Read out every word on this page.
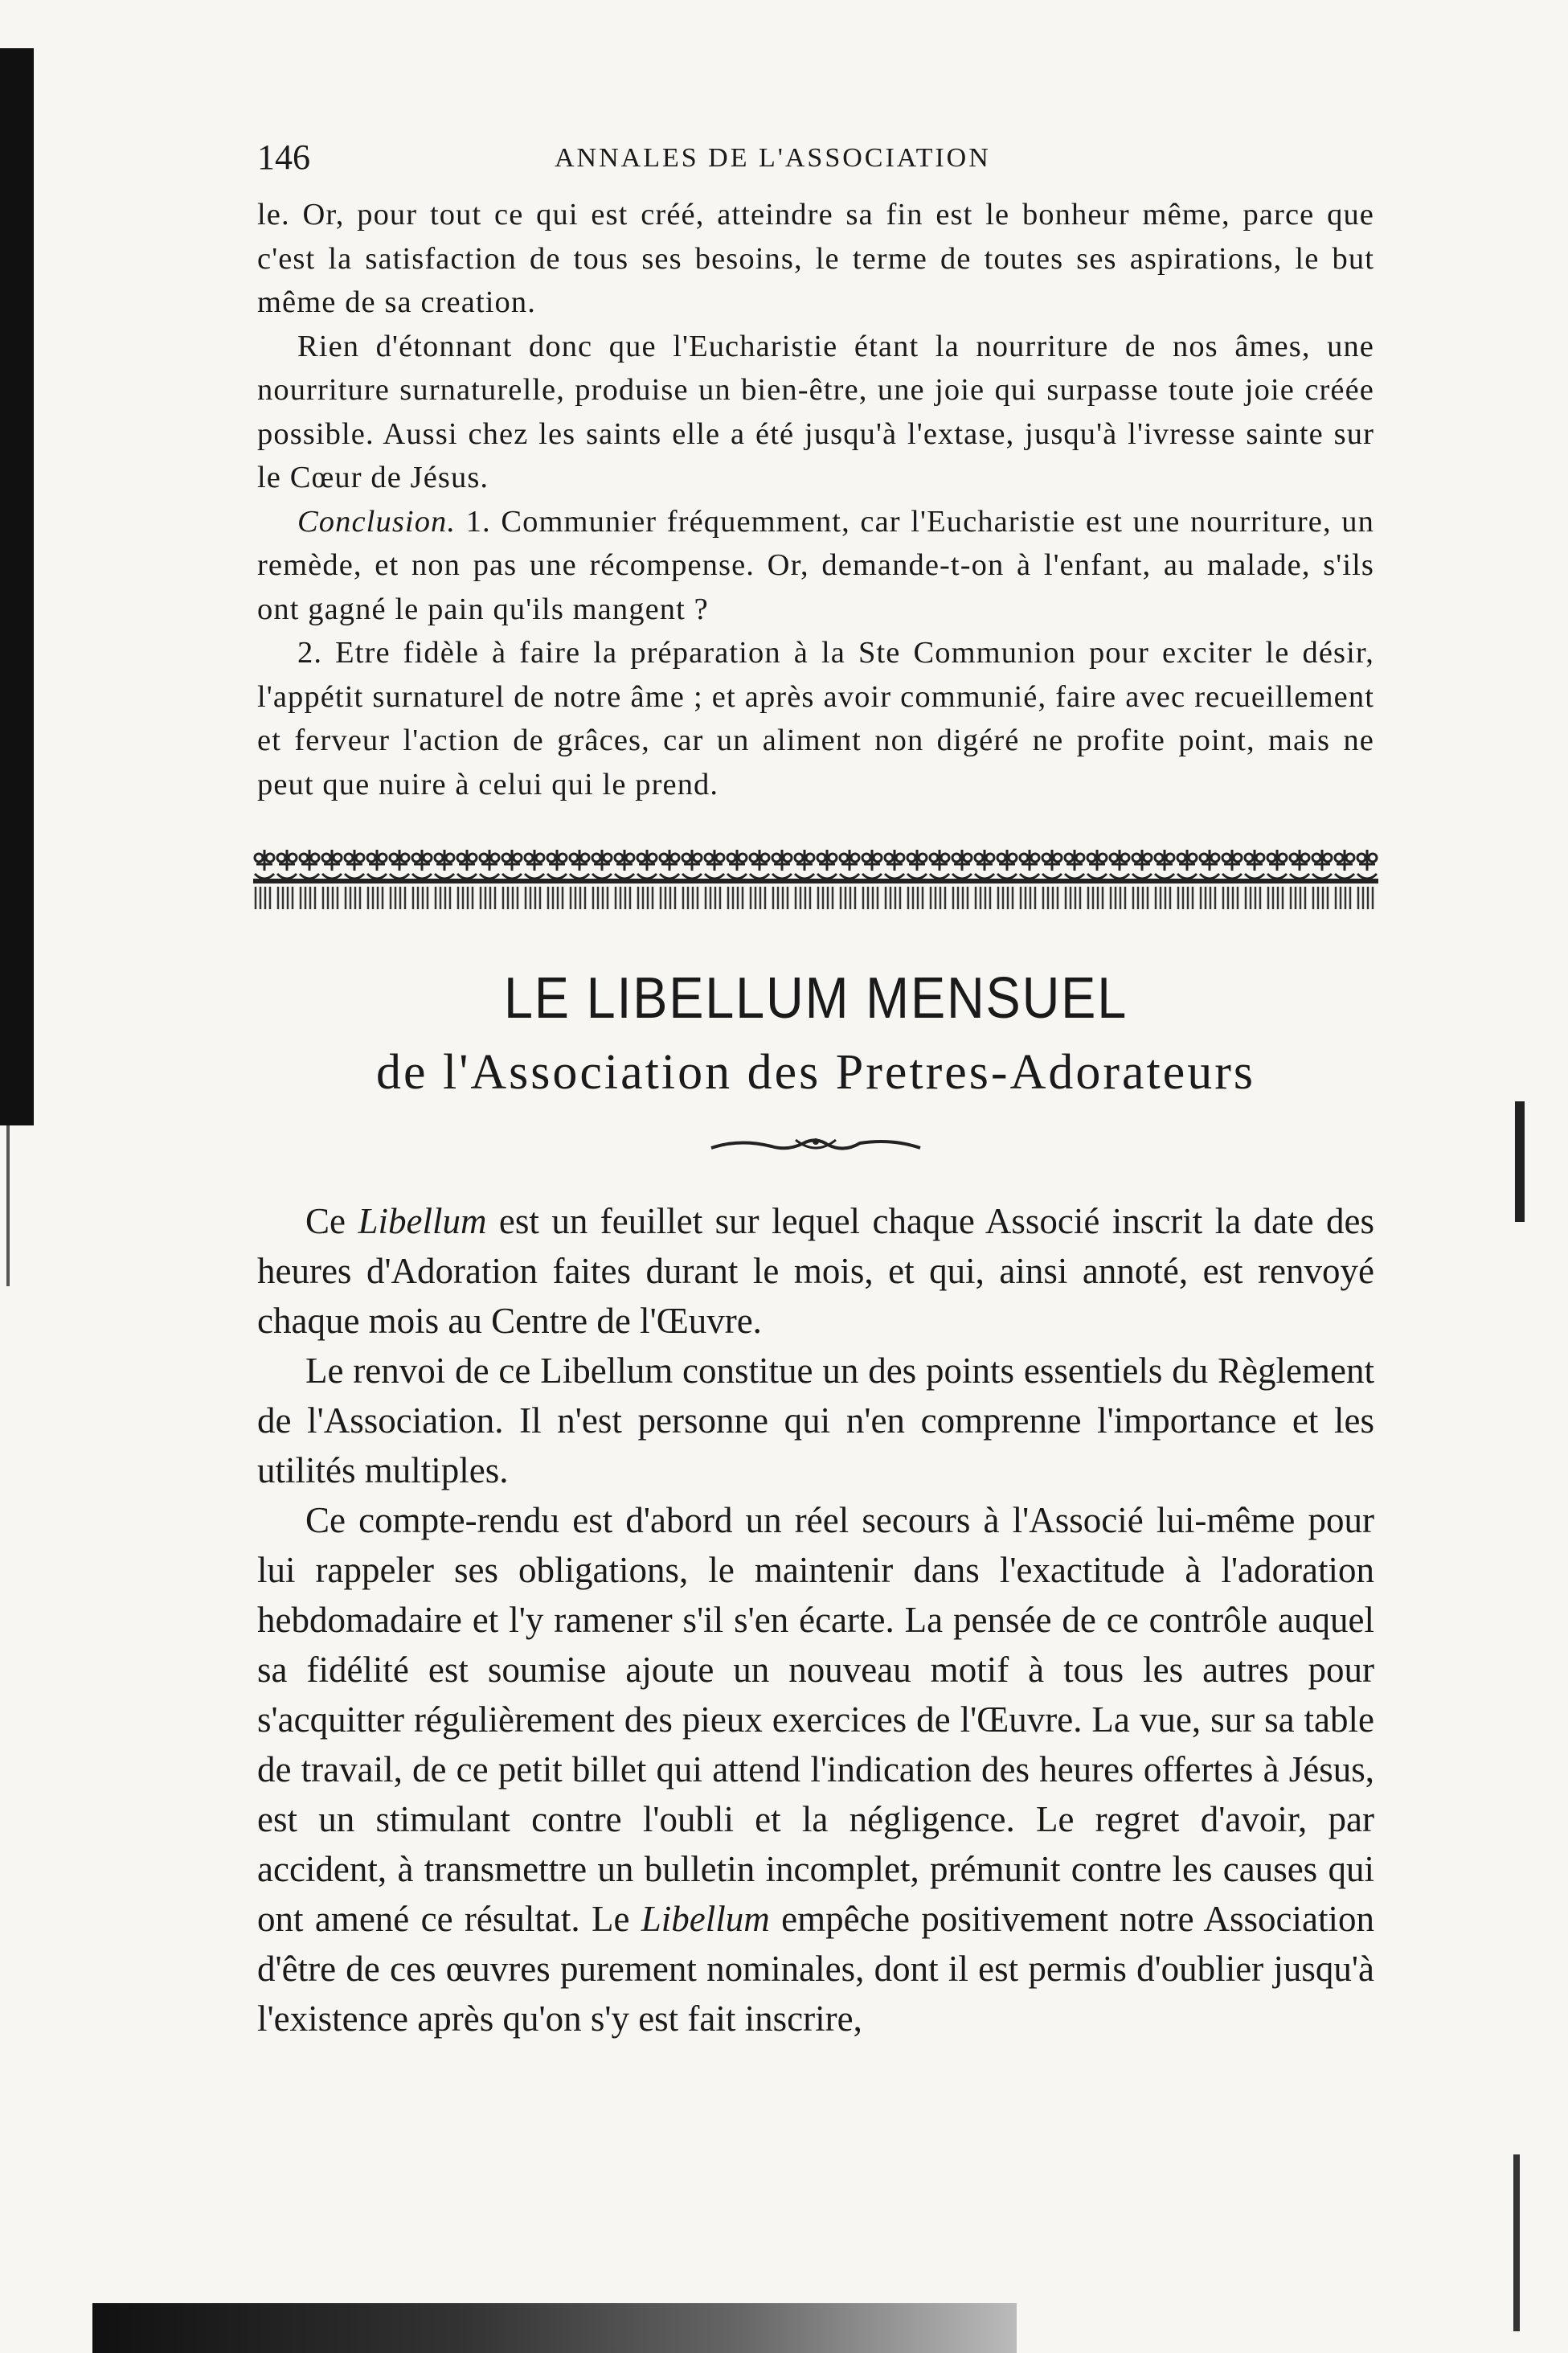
146	ANNALES DE L'ASSOCIATION

le. Or, pour tout ce qui est créé, atteindre sa fin est le bonheur même, parce que c'est la satisfaction de tous ses besoins, le terme de toutes ses aspirations, le but même de sa creation.

Rien d'étonnant donc que l'Eucharistie étant la nourriture de nos âmes, une nourriture surnaturelle, produise un bien-être, une joie qui surpasse toute joie créée possible. Aussi chez les saints elle a été jusqu'à l'extase, jusqu'à l'ivresse sainte sur le Cœur de Jésus.

Conclusion. 1. Communier fréquemment, car l'Eucharistie est une nourriture, un remède, et non pas une récompense. Or, demande-t-on à l'enfant, au malade, s'ils ont gagné le pain qu'ils mangent ?

2. Etre fidèle à faire la préparation à la Ste Communion pour exciter le désir, l'appétit surnaturel de notre âme ; et après avoir communié, faire avec recueillement et ferveur l'action de grâces, car un aliment non digéré ne profite point, mais ne peut que nuire à celui qui le prend.

LE LIBELLUM MENSUEL
de l'Association des Pretres-Adorateurs

Ce Libellum est un feuillet sur lequel chaque Associé inscrit la date des heures d'Adoration faites durant le mois, et qui, ainsi annoté, est renvoyé chaque mois au Centre de l'Œuvre.

Le renvoi de ce Libellum constitue un des points essentiels du Règlement de l'Association. Il n'est personne qui n'en comprenne l'importance et les utilités multiples.

Ce compte-rendu est d'abord un réel secours à l'Associé lui-même pour lui rappeler ses obligations, le maintenir dans l'exactitude à l'adoration hebdomadaire et l'y ramener s'il s'en écarte. La pensée de ce contrôle auquel sa fidélité est soumise ajoute un nouveau motif à tous les autres pour s'acquitter régulièrement des pieux exercices de l'Œuvre. La vue, sur sa table de travail, de ce petit billet qui attend l'indication des heures offertes à Jésus, est un stimulant contre l'oubli et la négligence. Le regret d'avoir, par accident, à transmettre un bulletin incomplet, prémunit contre les causes qui ont amené ce résultat. Le Libellum empêche positivement notre Association d'être de ces œuvres purement nominales, dont il est permis d'oublier jusqu'à l'existence après qu'on s'y est fait inscrire,
